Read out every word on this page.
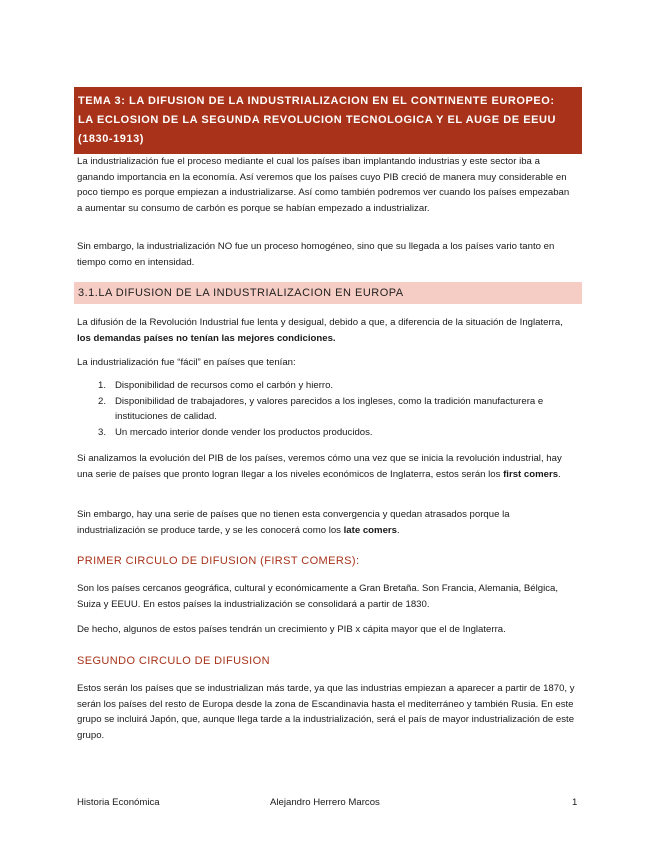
TEMA 3: LA DIFUSION DE LA INDUSTRIALIZACION EN EL CONTINENTE EUROPEO:

LA ECLOSION DE LA SEGUNDA REVOLUCION TECNOLOGICA Y EL AUGE DE EEUU

(1830-1913)

La industrialización fue el proceso mediante el cual los países iban implantando industrias y este sector iba a ganando importancia en la economía. Así veremos que los países cuyo PIB creció de manera muy considerable en poco tiempo es porque empiezan a industrializarse. Así como también podremos ver cuando los países empezaban a aumentar su consumo de carbón es porque se habían empezado a industrializar.

Sin embargo, la industrialización NO fue un proceso homogéneo, sino que su llegada a los países vario tanto en tiempo como en intensidad.

3.1.LA DIFUSION DE LA INDUSTRIALIZACION EN EUROPA

La difusión de la Revolución Industrial fue lenta y desigual, debido a que, a diferencia de la situación de Inglaterra, los demandas países no tenían las mejores condiciones.

La industrialización fue “fácil” en países que tenían:

1. Disponibilidad de recursos como el carbón y hierro.
2. Disponibilidad de trabajadores, y valores parecidos a los ingleses, como la tradición manufacturera e instituciones de calidad.
3. Un mercado interior donde vender los productos producidos.

Si analizamos la evolución del PIB de los países, veremos cómo una vez que se inicia la revolución industrial, hay una serie de países que pronto logran llegar a los niveles económicos de Inglaterra, estos serán los first comers.

Sin embargo, hay una serie de países que no tienen esta convergencia y quedan atrasados porque la industrialización se produce tarde, y se les conocerá como los late comers.

PRIMER CIRCULO DE DIFUSION (FIRST COMERS):

Son los países cercanos geográfica, cultural y económicamente a Gran Bretaña. Son Francia, Alemania, Bélgica, Suiza y EEUU. En estos países la industrialización se consolidará a partir de 1830.

De hecho, algunos de estos países tendrán un crecimiento y PIB x cápita mayor que el de Inglaterra.

SEGUNDO CIRCULO DE DIFUSION

Estos serán los países que se industrializan más tarde, ya que las industrias empiezan a aparecer a partir de 1870, y serán los países del resto de Europa desde la zona de Escandinavia hasta el mediterráneo y también Rusia. En este grupo se incluirá Japón, que, aunque llega tarde a la industrialización, será el país de mayor industrialización de este grupo.

Historia Económica	Alejandro Herrero Marcos	1
